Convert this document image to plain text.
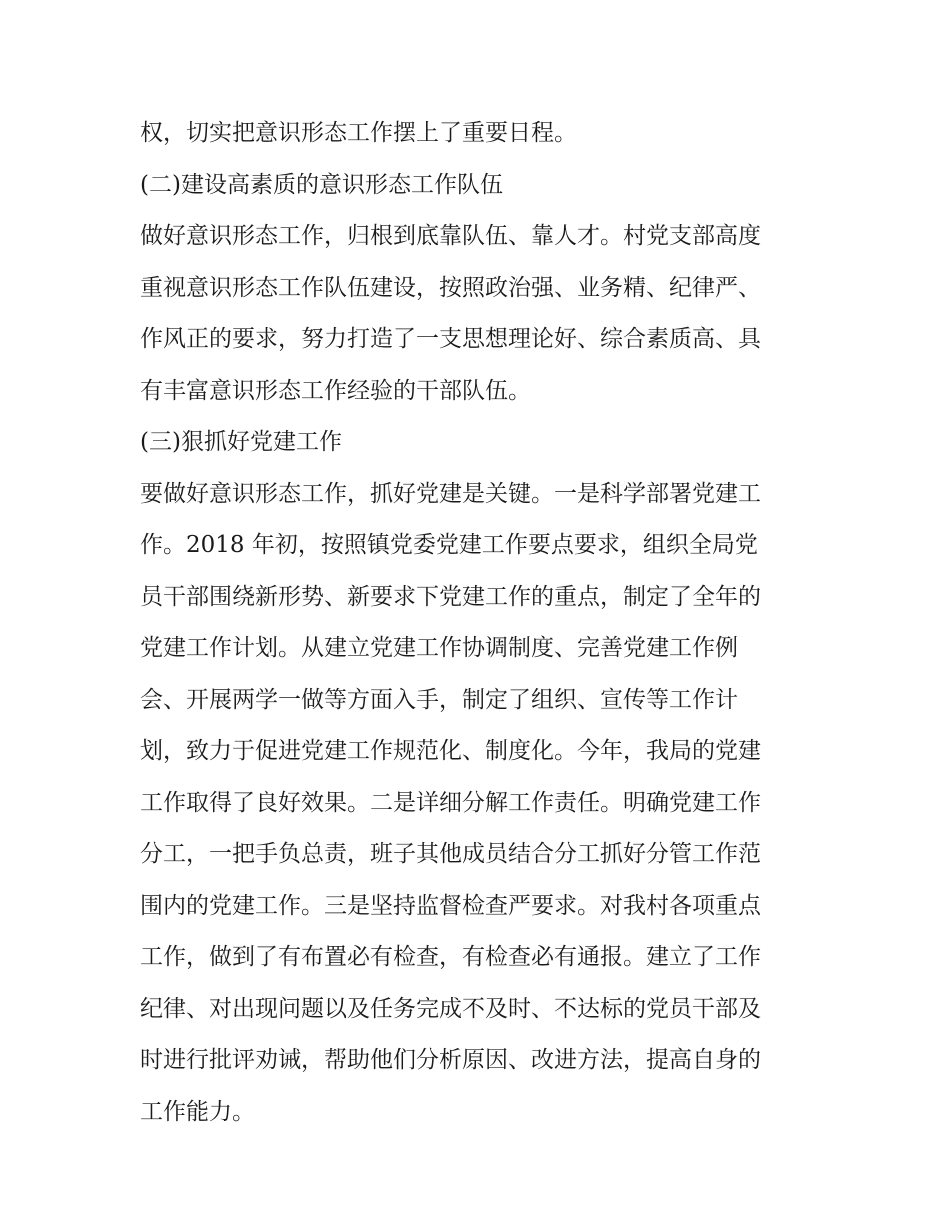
权，切实把意识形态工作摆上了重要日程。
(二)建设高素质的意识形态工作队伍
做好意识形态工作，归根到底靠队伍、靠人才。村党支部高度
重视意识形态工作队伍建设，按照政治强、业务精、纪律严、
作风正的要求，努力打造了一支思想理论好、综合素质高、具
有丰富意识形态工作经验的干部队伍。
(三)狠抓好党建工作
要做好意识形态工作，抓好党建是关键。一是科学部署党建工
作。2018 年初，按照镇党委党建工作要点要求，组织全局党
员干部围绕新形势、新要求下党建工作的重点，制定了全年的
党建工作计划。从建立党建工作协调制度、完善党建工作例
会、开展两学一做等方面入手，制定了组织、宣传等工作计
划，致力于促进党建工作规范化、制度化。今年，我局的党建
工作取得了良好效果。二是详细分解工作责任。明确党建工作
分工，一把手负总责，班子其他成员结合分工抓好分管工作范
围内的党建工作。三是坚持监督检查严要求。对我村各项重点
工作，做到了有布置必有检查，有检查必有通报。建立了工作
纪律、对出现问题以及任务完成不及时、不达标的党员干部及
时进行批评劝诫，帮助他们分析原因、改进方法，提高自身的
工作能力。
